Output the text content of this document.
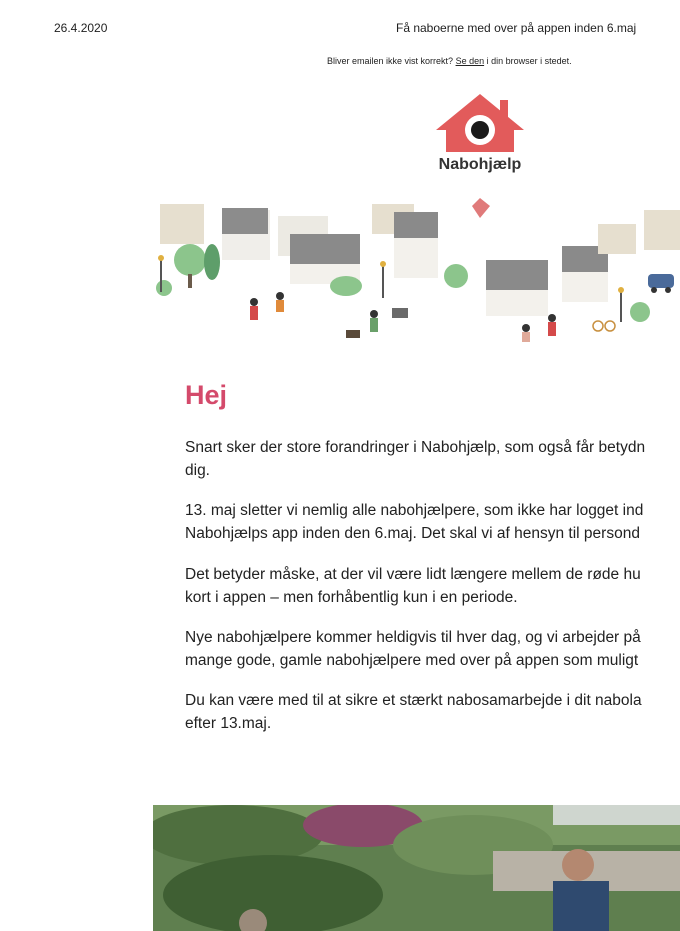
26.4.2020	Få naboerne med over på appen inden 6.maj
Bliver emailen ikke vist korrekt? Se den i din browser i stedet.
Nabohjælp
Hej
Snart sker der store forandringer i Nabohjælp, som også får betydn
dig.
13. maj sletter vi nemlig alle nabohjælpere, som ikke har logget ind
Nabohjælps app inden den 6.maj. Det skal vi af hensyn til persond
Det betyder måske, at der vil være lidt længere mellem de røde hu
kort i appen – men forhåbentlig kun i en periode.
Nye nabohjælpere kommer heldigvis til hver dag, og vi arbejder på
mange gode, gamle nabohjælpere med over på appen som muligt
Du kan være med til at sikre et stærkt nabosamarbejde i dit nabola
efter 13.maj.
